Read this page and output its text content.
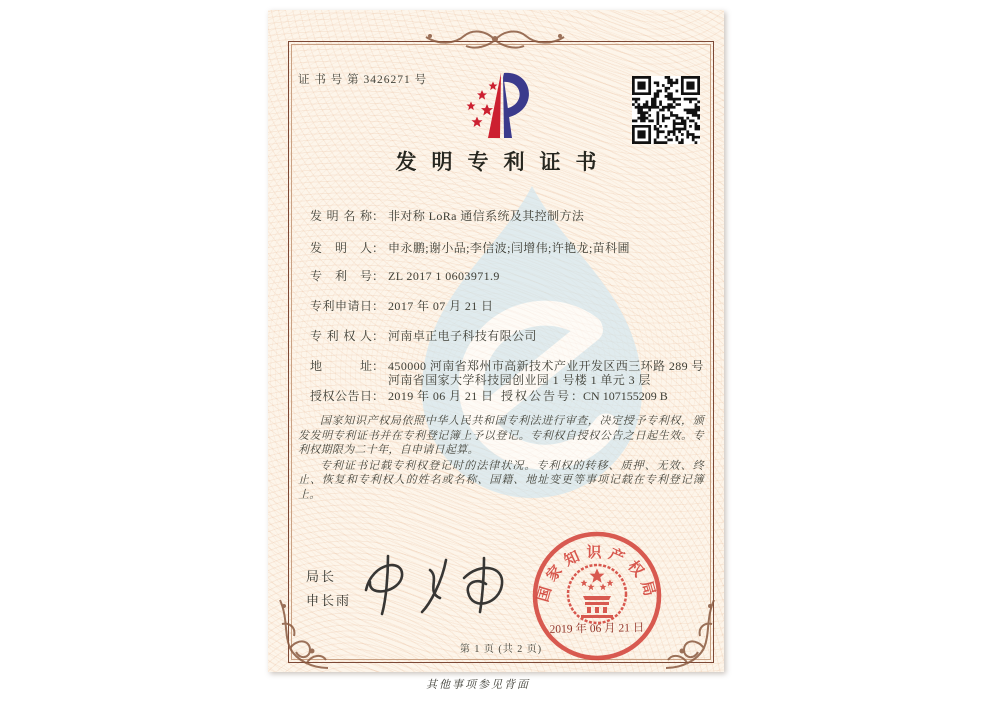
证 书 号 第 3426271 号
发明专利证书
发明名称： 非对称 LoRa 通信系统及其控制方法
发明人： 申永鹏;谢小品;李信波;闫增伟;许艳龙;苗科圃
专利号： ZL 2017 1 0603971.9
专利申请日： 2017 年 07 月 21 日
专利权人： 河南卓正电子科技有限公司
地址： 450000 河南省郑州市高新技术产业开发区西三环路 289 号
河南省国家大学科技园创业园 1 号楼 1 单元 3 层
授权公告日： 2019 年 06 月 21 日 授权公告号：CN 107155209 B

国家知识产权局依照中华人民共和国专利法进行审查，决定授予专利权，颁发发明专利证书并在专利登记簿上予以登记。专利权自授权公告之日起生效。专利权期限为二十年，自申请日起算。

专利证书记载专利权登记时的法律状况。专利权的转移、质押、无效、终止、恢复和专利权人的姓名或名称、国籍、地址变更等事项记载在专利登记簿上。

局长
申长雨	国家知识产权局
2019 年 06 月 21 日
第 1 页 (共 2 页)
其他事项参见背面
